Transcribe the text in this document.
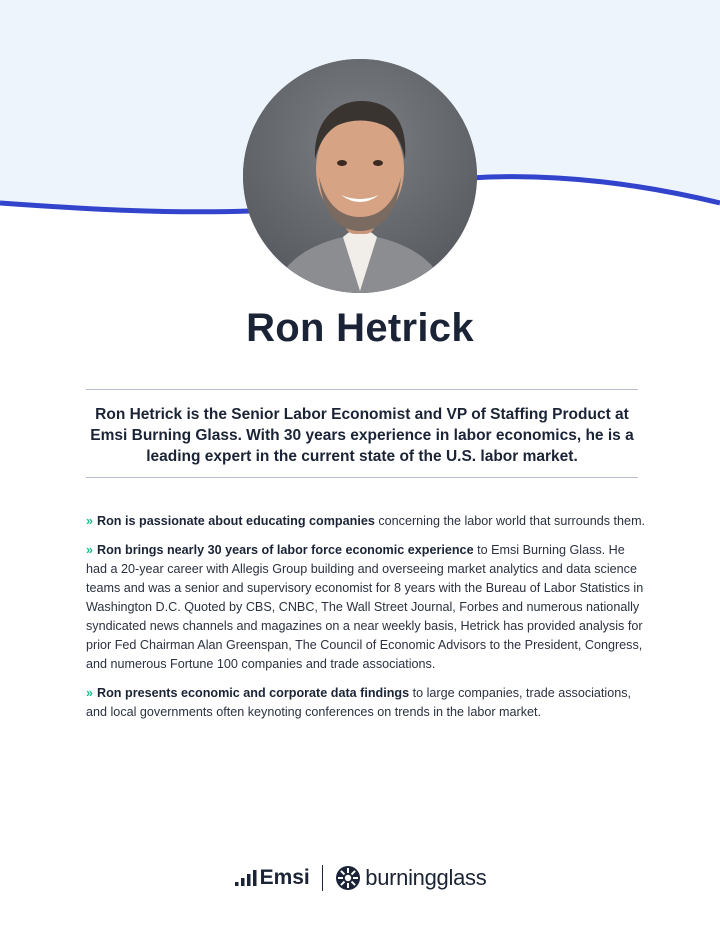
Ron Hetrick
Ron Hetrick is the Senior Labor Economist and VP of Staffing Product at Emsi Burning Glass. With 30 years experience in labor economics, he is a leading expert in the current state of the U.S. labor market.

» Ron is passionate about educating companies concerning the labor world that surrounds them.

» Ron brings nearly 30 years of labor force economic experience to Emsi Burning Glass. He had a 20-year career with Allegis Group building and overseeing market analytics and data science teams and was a senior and supervisory economist for 8 years with the Bureau of Labor Statistics in Washington D.C. Quoted by CBS, CNBC, The Wall Street Journal, Forbes and numerous nationally syndicated news channels and magazines on a near weekly basis, Hetrick has provided analysis for prior Fed Chairman Alan Greenspan, The Council of Economic Advisors to the President, Congress, and numerous Fortune 100 companies and trade associations.

» Ron presents economic and corporate data findings to large companies, trade associations, and local governments often keynoting conferences on trends in the labor market.

Emsi	burningglass
